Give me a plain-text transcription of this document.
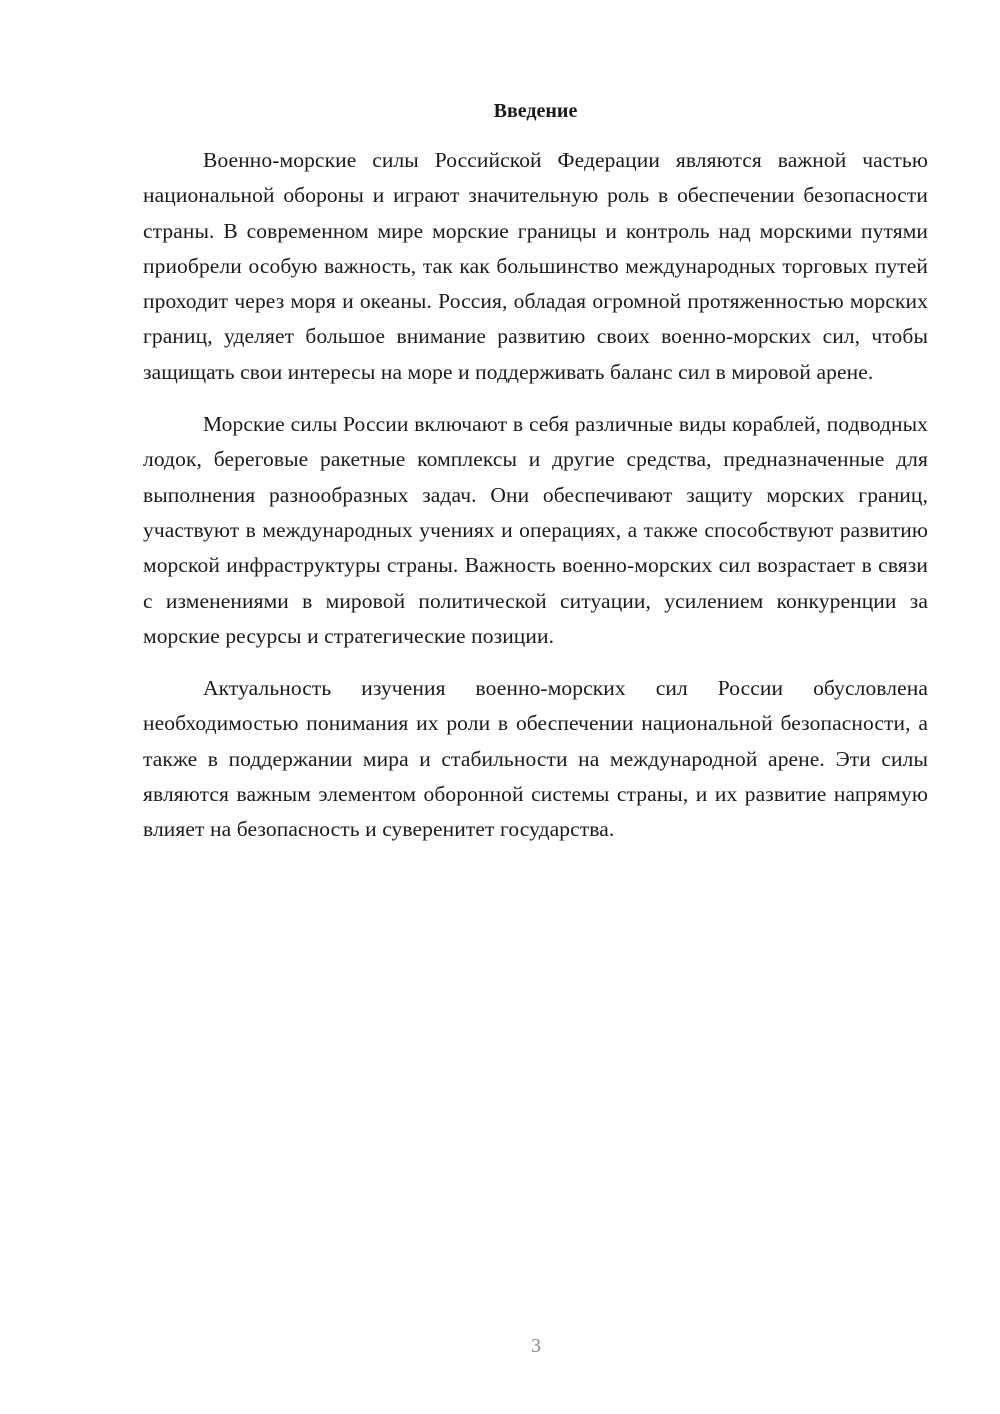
Введение

Военно-морские силы Российской Федерации являются важной частью национальной обороны и играют значительную роль в обеспечении безопасности страны. В современном мире морские границы и контроль над морскими путями приобрели особую важность, так как большинство международных торговых путей проходит через моря и океаны. Россия, обладая огромной протяженностью морских границ, уделяет большое внимание развитию своих военно-морских сил, чтобы защищать свои интересы на море и поддерживать баланс сил в мировой арене.

Морские силы России включают в себя различные виды кораблей, подводных лодок, береговые ракетные комплексы и другие средства, предназначенные для выполнения разнообразных задач. Они обеспечивают защиту морских границ, участвуют в международных учениях и операциях, а также способствуют развитию морской инфраструктуры страны. Важность военно-морских сил возрастает в связи с изменениями в мировой политической ситуации, усилением конкуренции за морские ресурсы и стратегические позиции.

Актуальность изучения военно-морских сил России обусловлена необходимостью понимания их роли в обеспечении национальной безопасности, а также в поддержании мира и стабильности на международной арене. Эти силы являются важным элементом оборонной системы страны, и их развитие напрямую влияет на безопасность и суверенитет государства.

3
